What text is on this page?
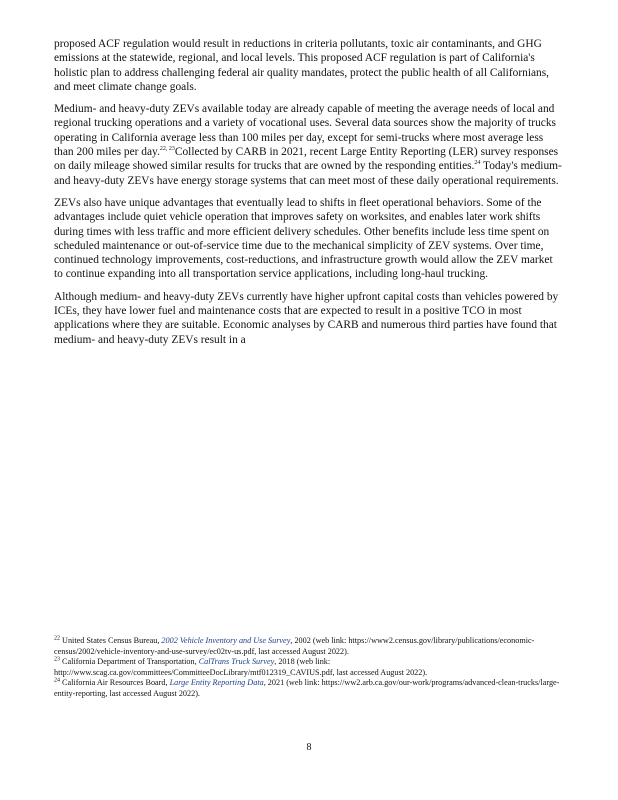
proposed ACF regulation would result in reductions in criteria pollutants, toxic air contaminants, and GHG emissions at the statewide, regional, and local levels. This proposed ACF regulation is part of California's holistic plan to address challenging federal air quality mandates, protect the public health of all Californians, and meet climate change goals.

Medium- and heavy-duty ZEVs available today are already capable of meeting the average needs of local and regional trucking operations and a variety of vocational uses. Several data sources show the majority of trucks operating in California average less than 100 miles per day, except for semi-trucks where most average less than 200 miles per day.$^{22, 23}$Collected by CARB in 2021, recent Large Entity Reporting (LER) survey responses on daily mileage showed similar results for trucks that are owned by the responding entities.$^{24}$ Today's medium- and heavy-duty ZEVs have energy storage systems that can meet most of these daily operational requirements.

ZEVs also have unique advantages that eventually lead to shifts in fleet operational behaviors. Some of the advantages include quiet vehicle operation that improves safety on worksites, and enables later work shifts during times with less traffic and more efficient delivery schedules. Other benefits include less time spent on scheduled maintenance or out-of-service time due to the mechanical simplicity of ZEV systems. Over time, continued technology improvements, cost-reductions, and infrastructure growth would allow the ZEV market to continue expanding into all transportation service applications, including long-haul trucking.

Although medium- and heavy-duty ZEVs currently have higher upfront capital costs than vehicles powered by ICEs, they have lower fuel and maintenance costs that are expected to result in a positive TCO in most applications where they are suitable. Economic analyses by CARB and numerous third parties have found that medium- and heavy-duty ZEVs result in a

$^{22}$ United States Census Bureau, 2002 Vehicle Inventory and Use Survey, 2002 (web link: https://www2.census.gov/library/publications/economic-census/2002/vehicle-inventory-and-use-survey/ec02tv-us.pdf, last accessed August 2022).

$^{23}$ California Department of Transportation, CalTrans Truck Survey, 2018 (web link: http://www.scag.ca.gov/committees/CommitteeDocLibrary/mtf012319_CAVIUS.pdf, last accessed August 2022).

$^{24}$ California Air Resources Board, Large Entity Reporting Data, 2021 (web link: https://ww2.arb.ca.gov/our-work/programs/advanced-clean-trucks/large-entity-reporting, last accessed August 2022).

8
